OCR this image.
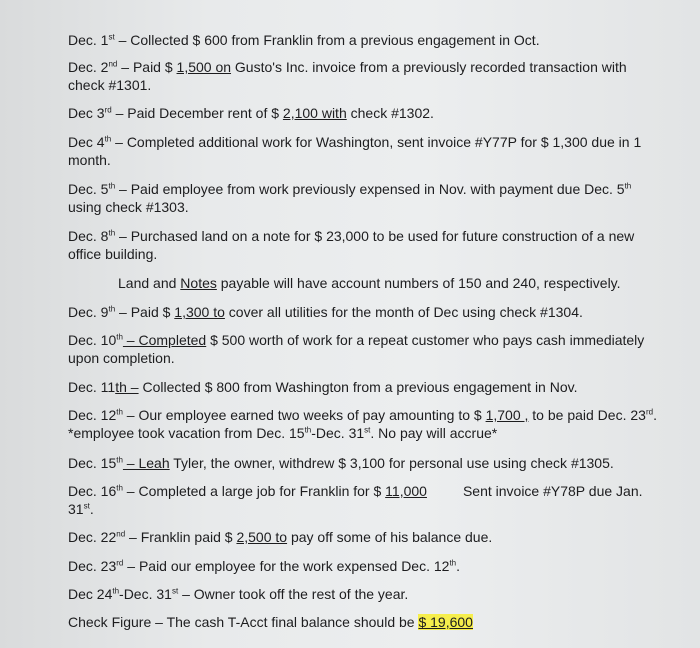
Dec. 1st – Collected $ 600 from Franklin from a previous engagement in Oct.
Dec. 2nd – Paid $ 1,500 on Gusto's Inc. invoice from a previously recorded transaction with
check #1301.
Dec 3rd – Paid December rent of $ 2,100 with check #1302.
Dec 4th – Completed additional work for Washington, sent invoice #Y77P for $ 1,300 due in 1
month.
Dec. 5th – Paid employee from work previously expensed in Nov. with payment due Dec. 5th
using check #1303.
Dec. 8th – Purchased land on a note for $ 23,000 to be used for future construction of a new
office building.
Land and Notes payable will have account numbers of 150 and 240, respectively.
Dec. 9th – Paid $ 1,300 to cover all utilities for the month of Dec using check #1304.
Dec. 10th – Completed $ 500 worth of work for a repeat customer who pays cash immediately
upon completion.
Dec. 11th – Collected $ 800 from Washington from a previous engagement in Nov.
Dec. 12th – Our employee earned two weeks of pay amounting to $ 1,700 , to be paid Dec. 23rd.
*employee took vacation from Dec. 15th-Dec. 31st. No pay will accrue*
Dec. 15th – Leah Tyler, the owner, withdrew $ 3,100 for personal use using check #1305.
Dec. 16th – Completed a large job for Franklin for $ 11,000	Sent invoice #Y78P due Jan.
31st.
Dec. 22nd – Franklin paid $ 2,500 to pay off some of his balance due.
Dec. 23rd – Paid our employee for the work expensed Dec. 12th.
Dec 24th-Dec. 31st – Owner took off the rest of the year.
Check Figure – The cash T-Acct final balance should be $ 19,600
